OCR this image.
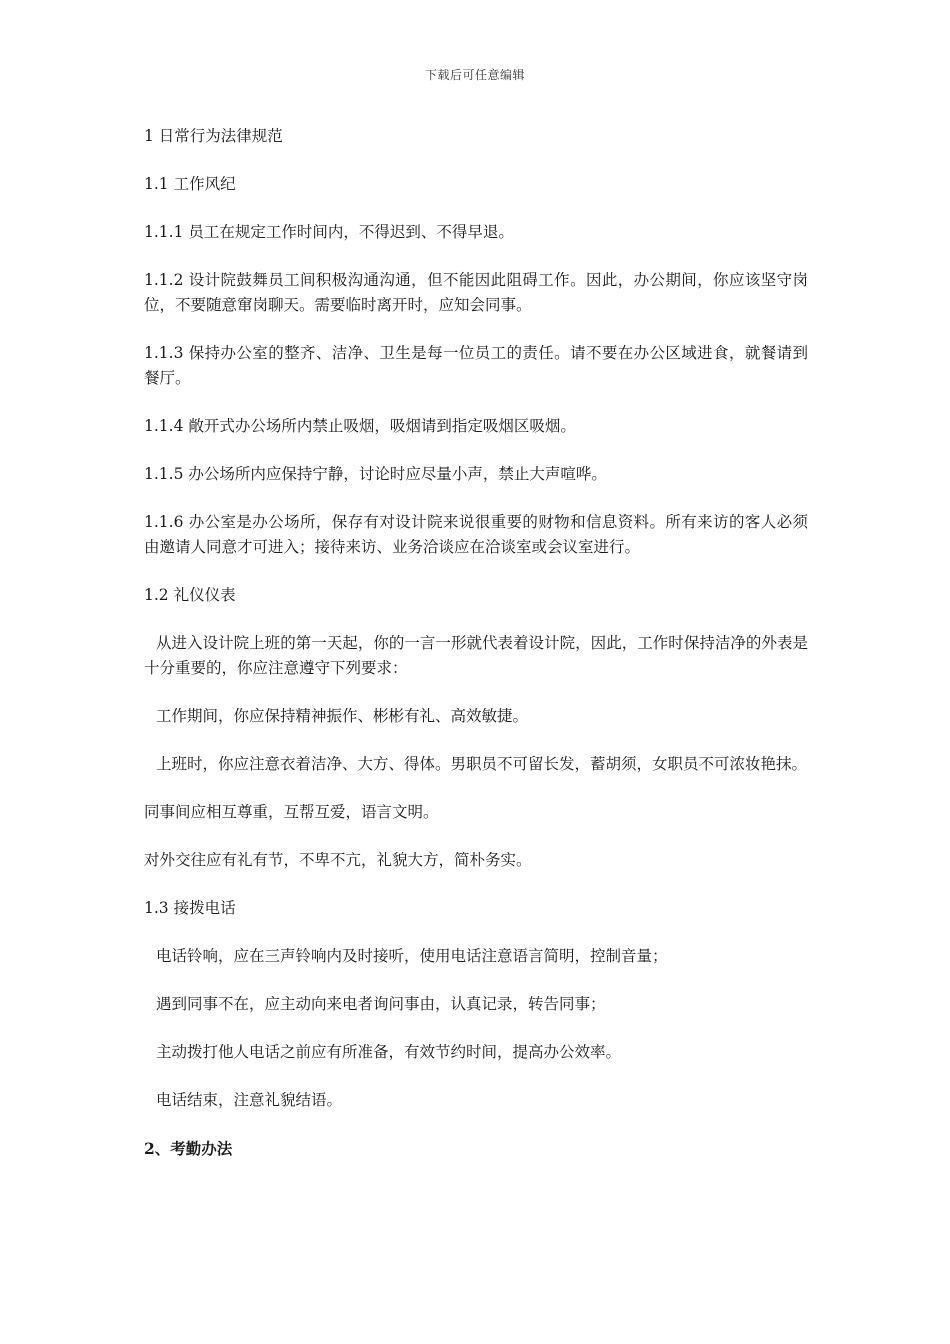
下载后可任意编辑

1 日常行为法律规范

1.1 工作风纪

1.1.1 员工在规定工作时间内，不得迟到、不得早退。

1.1.2 设计院鼓舞员工间积极沟通沟通，但不能因此阻碍工作。因此，办公期间，你应该坚守岗位，不要随意窜岗聊天。需要临时离开时，应知会同事。

1.1.3 保持办公室的整齐、洁净、卫生是每一位员工的责任。请不要在办公区域进食，就餐请到餐厅。

1.1.4 敞开式办公场所内禁止吸烟，吸烟请到指定吸烟区吸烟。

1.1.5 办公场所内应保持宁静，讨论时应尽量小声，禁止大声喧哗。

1.1.6 办公室是办公场所，保存有对设计院来说很重要的财物和信息资料。所有来访的客人必须由邀请人同意才可进入；接待来访、业务洽谈应在洽谈室或会议室进行。

1.2 礼仪仪表

从进入设计院上班的第一天起，你的一言一形就代表着设计院，因此，工作时保持洁净的外表是十分重要的，你应注意遵守下列要求：

工作期间，你应保持精神振作、彬彬有礼、高效敏捷。

上班时，你应注意衣着洁净、大方、得体。男职员不可留长发，蓄胡须，女职员不可浓妆艳抹。

同事间应相互尊重，互帮互爱，语言文明。

对外交往应有礼有节，不卑不亢，礼貌大方，简朴务实。

1.3 接拨电话

电话铃响，应在三声铃响内及时接听，使用电话注意语言简明，控制音量；

遇到同事不在，应主动向来电者询问事由，认真记录，转告同事；

主动拨打他人电话之前应有所准备，有效节约时间，提高办公效率。

电话结束，注意礼貌结语。

2、考勤办法
